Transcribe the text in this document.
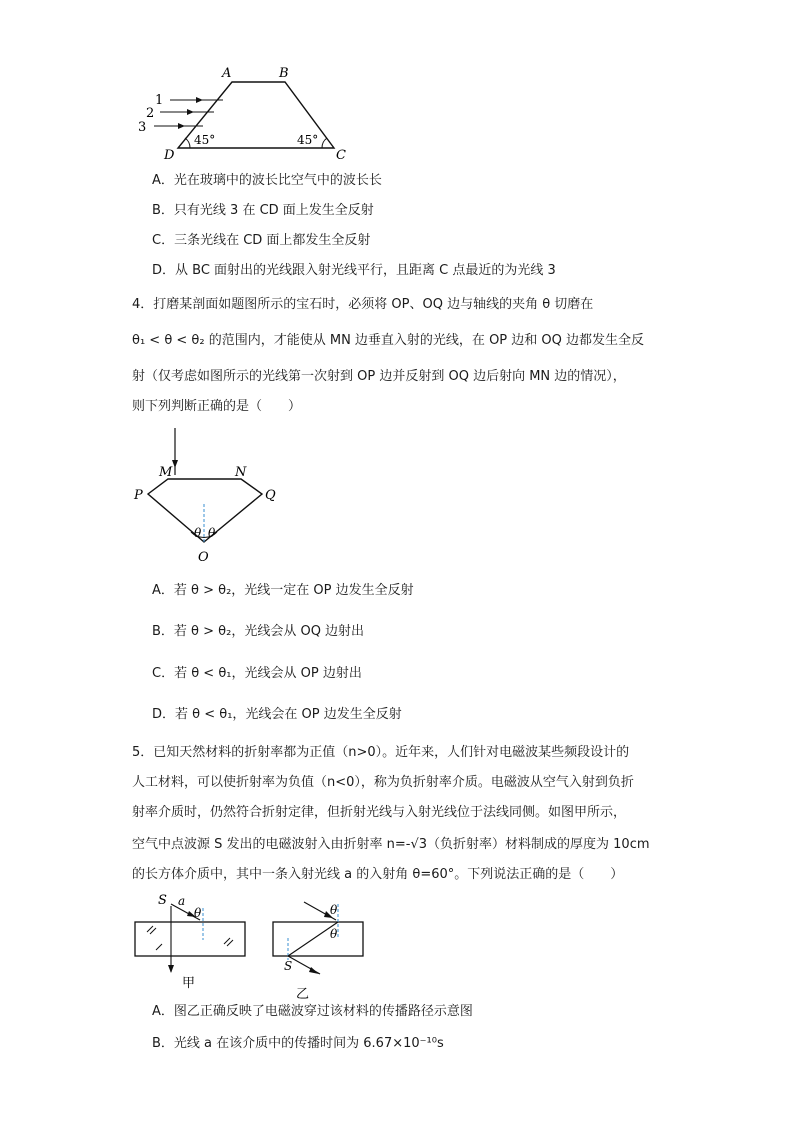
A	B
C
D
1
2
3
45°	45°
A．光在玻璃中的波长比空气中的波长长
B．只有光线 3 在 CD 面上发生全反射
C．三条光线在 CD 面上都发生全反射
D．从 BC 面射出的光线跟入射光线平行，且距离 C 点最近的为光线 3
4．打磨某剖面如题图所示的宝石时，必须将 OP、OQ 边与轴线的夹角 θ 切磨在
θ₁ < θ < θ₂ 的范围内，才能使从 MN 边垂直入射的光线，在 OP 边和 OQ 边都发生全反
射（仅考虑如图所示的光线第一次射到 OP 边并反射到 OQ 边后射向 MN 边的情况），
则下列判断正确的是（　　）
M	N
P	Q
O
θ θ
A．若 θ > θ₂，光线一定在 OP 边发生全反射
B．若 θ > θ₂，光线会从 OQ 边射出
C．若 θ < θ₁，光线会从 OP 边射出
D．若 θ < θ₁，光线会在 OP 边发生全反射
5．已知天然材料的折射率都为正值（n>0）。近年来，人们针对电磁波某些频段设计的
人工材料，可以使折射率为负值（n<0），称为负折射率介质。电磁波从空气入射到负折
射率介质时，仍然符合折射定律，但折射光线与入射光线位于法线同侧。如图甲所示，
空气中点波源 S 发出的电磁波射入由折射率 n=-√3（负折射率）材料制成的厚度为 10cm
的长方体介质中，其中一条入射光线 a 的入射角 θ=60°。下列说法正确的是（　　）
S a
θ
甲
θ
θ
S
乙
A．图乙正确反映了电磁波穿过该材料的传播路径示意图
B．光线 a 在该介质中的传播时间为 6.67×10⁻¹⁰s
